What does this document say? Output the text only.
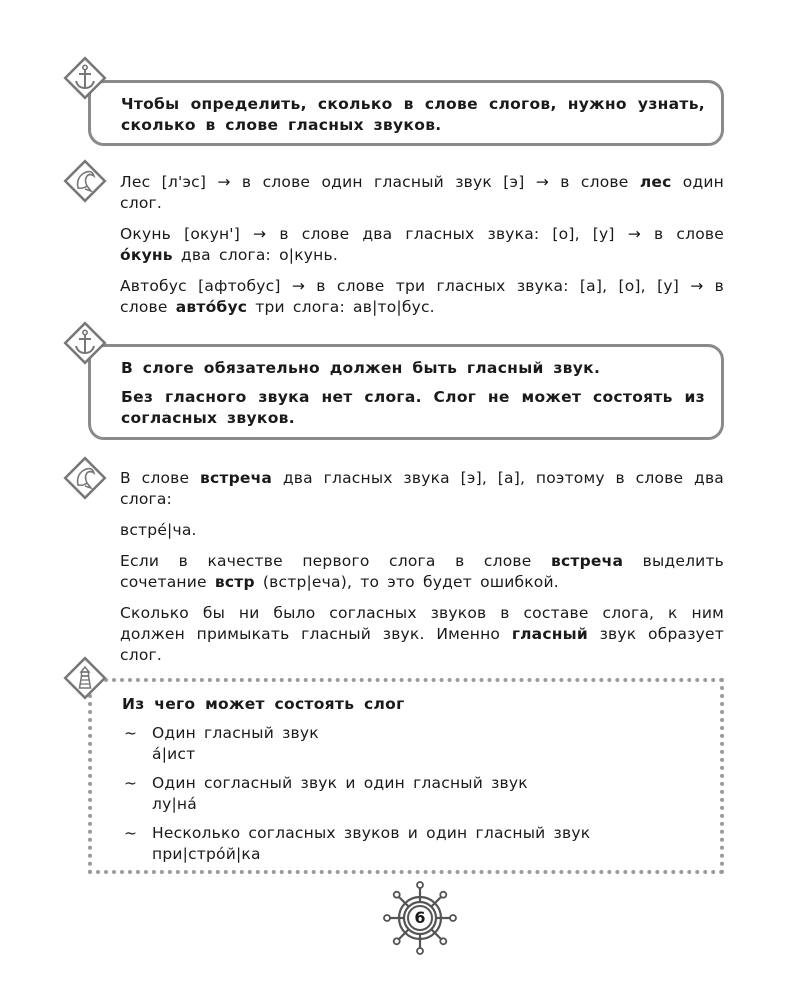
Чтобы определить, сколько в слове слогов, нужно узнать, сколько в слове гласных звуков.

Лес [л'эс] → в слове один гласный звук [э] → в слове лес один слог.

Окунь [окун'] → в слове два гласных звука: [о], [у] → в слове óкунь два слога: о|кунь.

Автобус [афтобус] → в слове три гласных звука: [а], [о], [у] → в слове автóбус три слога: ав|то|бус.

В слоге обязательно должен быть гласный звук.

Без гласного звука нет слога. Слог не может состоять из согласных звуков.

В слове встреча два гласных звука [э], [а], поэтому в слове два слога:

встрé|ча.

Если в качестве первого слога в слове встреча выделить сочетание встр (встр|еча), то это будет ошибкой.

Сколько бы ни было согласных звуков в составе слога, к ним должен примыкать гласный звук. Именно гласный звук образует слог.

Из чего может состоять слог

~ Один гласный звук
á|ист
~ Один согласный звук и один гласный звук
лу|нá
~ Несколько согласных звуков и один гласный звук
при|стрóй|ка
6
